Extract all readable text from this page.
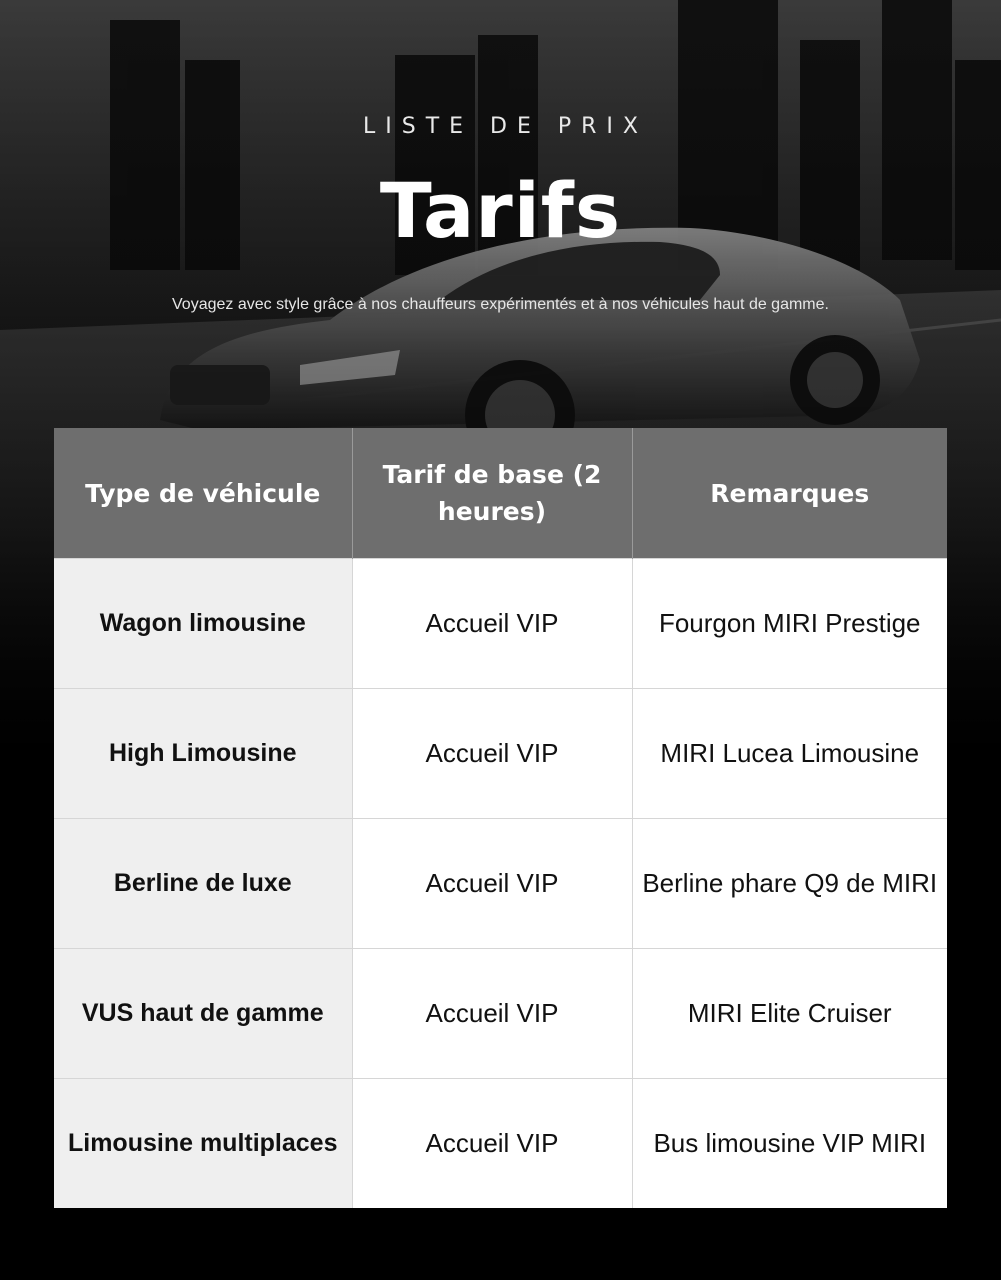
LISTE DE PRIX
Tarifs
Voyagez avec style grâce à nos chauffeurs expérimentés et à nos véhicules haut de gamme.
Type de véhicule	Tarif de base (2 heures)	Remarques
Wagon limousine	Accueil VIP	Fourgon MIRI Prestige
High Limousine	Accueil VIP	MIRI Lucea Limousine
Berline de luxe	Accueil VIP	Berline phare Q9 de MIRI
VUS haut de gamme	Accueil VIP	MIRI Elite Cruiser
Limousine multiplaces	Accueil VIP	Bus limousine VIP MIRI
